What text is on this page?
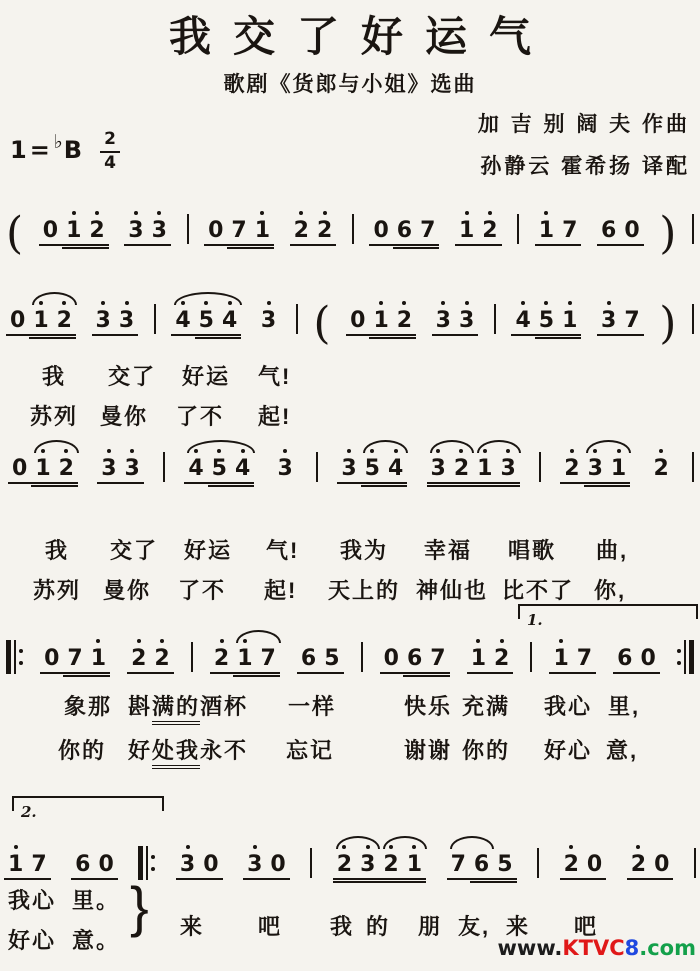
我交了好运气
歌剧《货郎与小姐》选曲
1 = ♭ B $\frac{2}{4}$
加 吉 别 阔 夫 作曲
孙静云 霍希扬 译配
( 0 1 2 3 3 0 7 1 2 2 0 6 7 1 2 1 7 6 0 )
0 1 2 3 3 4 5 4 3 ( 0 1 2 3 3 4 5 1 3 7 )
0 1 2 3 3 4 5 4 3 3 5 4 3 2 1 3 2 3 1 2
0 7 1 2 2 2 1 7 6 5 0 6 7 1 2 1 7 6 0
1 7 6 0	3 0 3 0 2 3 2 1 7 6 5 2 0 2 0
1.
2.
我 交了 好运 气!
苏列 曼你 了不 起!
我 交了 好运 气! 我为 幸福 唱歌 曲,
苏列 曼你 了不 起! 天上的 神仙也 比不了 你,
象那 斟 满的 酒杯 一样	快乐 充满 我心 里,
你的 好 处我 永不 忘记	谢谢 你的 好心 意,
我心 里。
好心 意。
} 来 吧 我 的 朋 友, 来 吧
www.KTVC8.com
